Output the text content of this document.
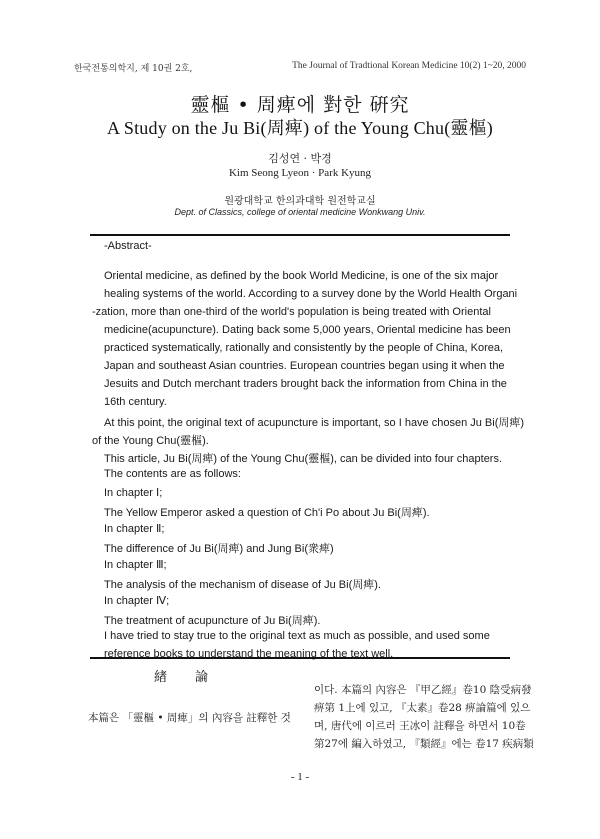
한국전통의학지, 제 10권 2호,	The Journal of Tradtional Korean Medicine 10(2) 1~20, 2000
靈樞 • 周痺에 對한 硏究
A Study on the Ju Bi(周痺) of the Young Chu(靈樞)
김성연 · 박경
Kim Seong Lyeon · Park Kyung
원광대학교 한의과대학 원전학교실
Dept. of Classics, college of oriental medicine Wonkwang Univ.
-Abstract-
Oriental medicine, as defined by the book World Medicine, is one of the six major
healing systems of the world. According to a survey done by the World Health Organi
-zation, more than one-third of the world's population is being treated with Oriental
medicine(acupuncture). Dating back some 5,000 years, Oriental medicine has been
practiced systematically, rationally and consistently by the people of China, Korea,
Japan and southeast Asian countries. European countries began using it when the
Jesuits and Dutch merchant traders brought back the information from China in the
16th century.
At this point, the original text of acupuncture is important, so I have chosen Ju Bi(周痺)
of the Young Chu(靈樞).
This article, Ju Bi(周痺) of the Young Chu(靈樞), can be divided into four chapters.
The contents are as follows:
In chapter Ⅰ;
The Yellow Emperor asked a question of Ch'i Po about Ju Bi(周痺).
In chapter Ⅱ;
The difference of Ju Bi(周痺) and Jung Bi(衆痺)
In chapter Ⅲ;
The analysis of the mechanism of disease of Ju Bi(周痺).
In chapter Ⅳ;
The treatment of acupuncture of Ju Bi(周痺).
I have tried to stay true to the original text as much as possible, and used some
reference books to understand the meaning of the text well.
緖論
本篇은 「靈樞 • 周痺」의 內容을 註釋한 것
이다. 本篇의 內容은 『甲乙經』卷10 陰受病發
痹第 1上에 있고, 『太素』卷28 痹論篇에 있으
며, 唐代에 이르러 王冰이 註釋을 하면서 10卷
第27에 編入하였고, 『類經』에는 卷17 疾病類
- 1 -
